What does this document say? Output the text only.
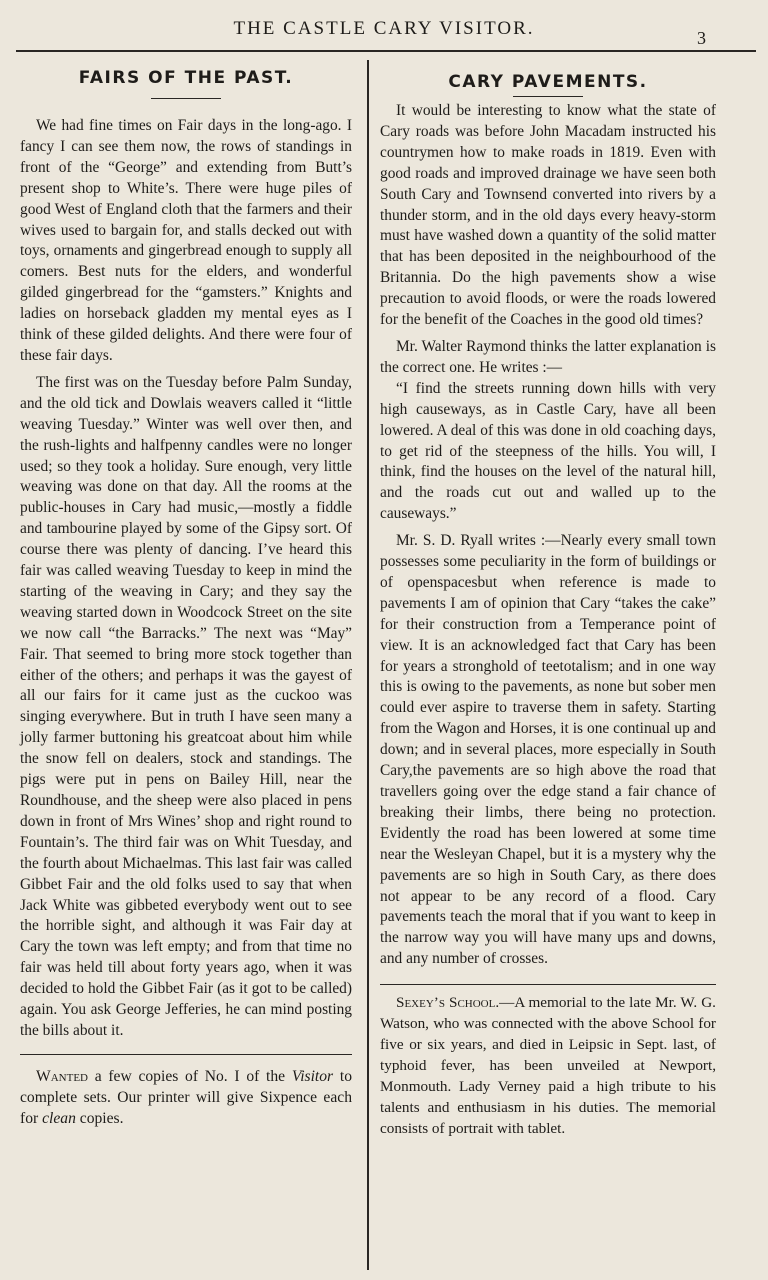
THE CASTLE CARY VISITOR.	3
FAIRS OF THE PAST.

We had fine times on Fair days in the long-ago. I fancy I can see them now, the rows of standings in front of the “George” and extending from Butt’s present shop to White’s. There were huge piles of good West of England cloth that the farmers and their wives used to bargain for, and stalls decked out with toys, ornaments and gingerbread enough to supply all comers. Best nuts for the elders, and wonderful gilded gingerbread for the “gamsters.” Knights and ladies on horseback gladden my mental eyes as I think of these gilded delights. And there were four of these fair days.

The first was on the Tuesday before Palm Sunday, and the old tick and Dowlais weavers called it “little weaving Tuesday.” Winter was well over then, and the rush-lights and halfpenny candles were no longer used; so they took a holiday. Sure enough, very little weaving was done on that day. All the rooms at the public-houses in Cary had music,—mostly a fiddle and tambourine played by some of the Gipsy sort. Of course there was plenty of dancing. I’ve heard this fair was called weaving Tuesday to keep in mind the starting of the weaving in Cary; and they say the weaving started down in Woodcock Street on the site we now call “the Barracks.” The next was “May” Fair. That seemed to bring more stock together than either of the others; and perhaps it was the gayest of all our fairs for it came just as the cuckoo was singing everywhere. But in truth I have seen many a jolly farmer buttoning his greatcoat about him while the snow fell on dealers, stock and standings. The pigs were put in pens on Bailey Hill, near the Roundhouse, and the sheep were also placed in pens down in front of Mrs Wines’ shop and right round to Fountain’s. The third fair was on Whit Tuesday, and the fourth about Michaelmas. This last fair was called Gibbet Fair and the old folks used to say that when Jack White was gibbeted everybody went out to see the horrible sight, and although it was Fair day at Cary the town was left empty; and from that time no fair was held till about forty years ago, when it was decided to hold the Gibbet Fair (as it got to be called) again. You ask George Jefferies, he can mind posting the bills about it.

Wanted a few copies of No. I of the Visitor to complete sets. Our printer will give Sixpence each for clean copies.

CARY PAVEMENTS.

It would be interesting to know what the state of Cary roads was before John Macadam instructed his countrymen how to make roads in 1819. Even with good roads and improved drainage we have seen both South Cary and Townsend converted into rivers by a thunder storm, and in the old days every heavy-storm must have washed down a quantity of the solid matter that has been deposited in the neighbourhood of the Britannia. Do the high pavements show a wise precaution to avoid floods, or were the roads lowered for the benefit of the Coaches in the good old times?

Mr. Walter Raymond thinks the latter explanation is the correct one. He writes :—

“I find the streets running down hills with very high causeways, as in Castle Cary, have all been lowered. A deal of this was done in old coaching days, to get rid of the steepness of the hills. You will, I think, find the houses on the level of the natural hill, and the roads cut out and walled up to the causeways.”

Mr. S. D. Ryall writes :—Nearly every small town possesses some peculiarity in the form of buildings or of openspacesbut when reference is made to pavements I am of opinion that Cary “takes the cake” for their construction from a Temperance point of view. It is an acknowledged fact that Cary has been for years a stronghold of teetotalism; and in one way this is owing to the pavements, as none but sober men could ever aspire to traverse them in safety. Starting from the Wagon and Horses, it is one continual up and down; and in several places, more especially in South Cary,the pavements are so high above the road that travellers going over the edge stand a fair chance of breaking their limbs, there being no protection. Evidently the road has been lowered at some time near the Wesleyan Chapel, but it is a mystery why the pavements are so high in South Cary, as there does not appear to be any record of a flood. Cary pavements teach the moral that if you want to keep in the narrow way you will have many ups and downs, and any number of crosses.

Sexey’s School.—A memorial to the late Mr. W. G. Watson, who was connected with the above School for five or six years, and died in Leipsic in Sept. last, of typhoid fever, has been unveiled at Newport, Monmouth. Lady Verney paid a high tribute to his talents and enthusiasm in his duties. The memorial consists of portrait with tablet.
